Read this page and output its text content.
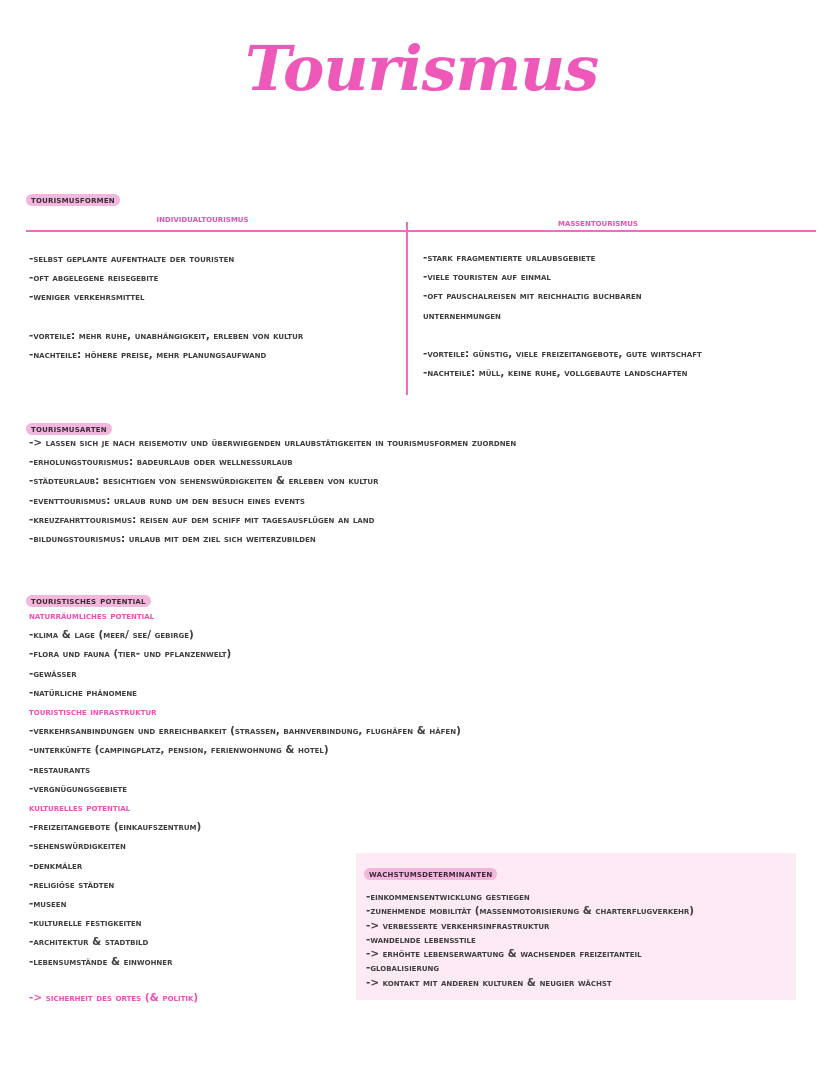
Tourismus
tourismusformen
individualtourismus	massentourismus
-selbst geplante aufenthalte der touristen
-oft abgelegene reisegebite
-weniger verkehrsmittel

-vorteile: mehr ruhe, unabhängigkeit, erleben von kultur
-nachteile: höhere preise, mehr planungsaufwand
-stark fragmentierte urlaubsgebiete
-viele touristen auf einmal
-oft pauschalreisen mit reichhaltig buchbaren
unternehmungen

-vorteile: günstig, viele freizeitangebote, gute wirtschaft
-nachteile: müll, keine ruhe, vollgebaute landschaften
tourismusarten
-> lassen sich je nach reisemotiv und überwiegenden urlaubstätigkeiten in tourismusformen zuordnen
-erholungstourismus: badeurlaub oder wellnessurlaub
-städteurlaub: besichtigen von sehenswürdigkeiten & erleben von kultur
-eventtourismus: urlaub rund um den besuch eines events
-kreuzfahrttourismus: reisen auf dem schiff mit tagesausflügen an land
-bildungstourismus: urlaub mit dem ziel sich weiterzubilden
touristisches potential
naturräumliches potential
-klima & lage (meer/ see/ gebirge)
-flora und fauna (tier- und pflanzenwelt)
-gewässer
-natürliche phänomene
touristische infrastruktur
-verkehrsanbindungen und erreichbarkeit (straßen, bahnverbindung, flughäfen & häfen)
-unterkünfte (campingplatz, pension, ferienwohnung & hotel)
-restaurants
-vergnügungsgebiete
kulturelles potential
-freizeitangebote (einkaufszentrum)
-sehenswürdigkeiten
-denkmäler
-religiöse städten
-museen
-kulturelle festigkeiten
-architektur & stadtbild
-lebensumstände & einwohner
-> sicherheit des ortes (& politik)
wachstumsdeterminanten
-einkommensentwicklung gestiegen
-zunehmende mobilität (massenmotorisierung & charterflugverkehr)
-> verbesserte verkehrsinfrastruktur
-wandelnde lebensstile
-> erhöhte lebenserwartung & wachsender freizeitanteil
-globalisierung
-> kontakt mit anderen kulturen & neugier wächst
